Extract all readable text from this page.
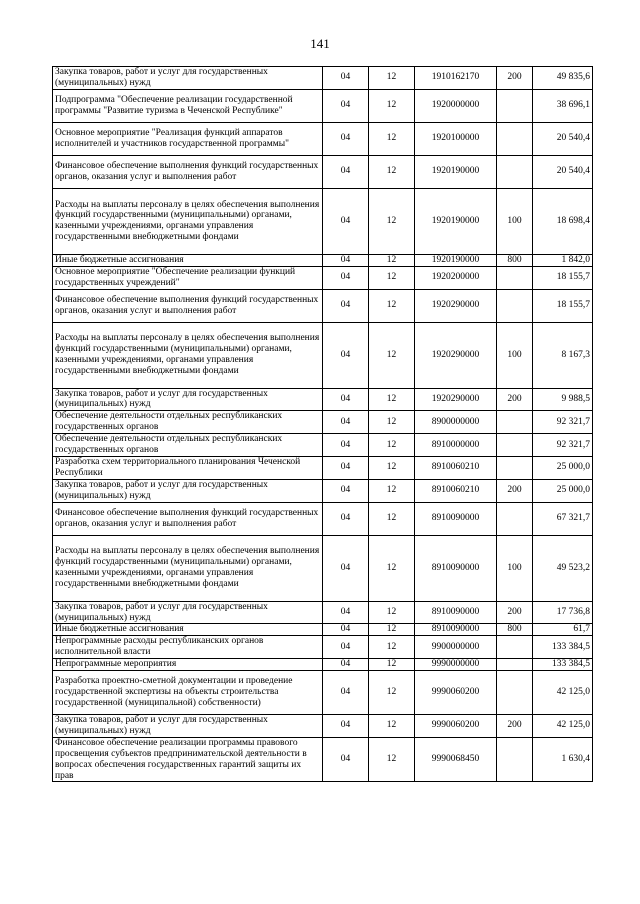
141
Закупка товаров, работ и услуг для государственных (муниципальных) нужд	04	12	1910162170	200	49 835,6
Подпрограмма "Обеспечение реализации государственной программы "Развитие туризма в Чеченской Республике"	04	12	1920000000		38 696,1
Основное мероприятие "Реализация функций аппаратов исполнителей и участников государственной программы"	04	12	1920100000		20 540,4
Финансовое обеспечение выполнения функций государственных органов, оказания услуг и выполнения работ	04	12	1920190000		20 540,4
Расходы на выплаты персоналу в целях обеспечения выполнения функций государственными (муниципальными) органами, казенными учреждениями, органами управления государственными внебюджетными фондами	04	12	1920190000	100	18 698,4
Иные бюджетные ассигнования	04	12	1920190000	800	1 842,0
Основное мероприятие "Обеспечение реализации функций государственных учреждений"	04	12	1920200000		18 155,7
Финансовое обеспечение выполнения функций государственных органов, оказания услуг и выполнения работ	04	12	1920290000		18 155,7
Расходы на выплаты персоналу в целях обеспечения выполнения функций государственными (муниципальными) органами, казенными учреждениями, органами управления государственными внебюджетными фондами	04	12	1920290000	100	8 167,3
Закупка товаров, работ и услуг для государственных (муниципальных) нужд	04	12	1920290000	200	9 988,5
Обеспечение деятельности отдельных республиканских государственных органов	04	12	8900000000		92 321,7
Обеспечение деятельности отдельных республиканских государственных органов	04	12	8910000000		92 321,7
Разработка схем территориального планирования Чеченской Республики	04	12	8910060210		25 000,0
Закупка товаров, работ и услуг для государственных (муниципальных) нужд	04	12	8910060210	200	25 000,0
Финансовое обеспечение выполнения функций государственных органов, оказания услуг и выполнения работ	04	12	8910090000		67 321,7
Расходы на выплаты персоналу в целях обеспечения выполнения функций государственными (муниципальными) органами, казенными учреждениями, органами управления государственными внебюджетными фондами	04	12	8910090000	100	49 523,2
Закупка товаров, работ и услуг для государственных (муниципальных) нужд	04	12	8910090000	200	17 736,8
Иные бюджетные ассигнования	04	12	8910090000	800	61,7
Непрограммные расходы республиканских органов исполнительной власти	04	12	9900000000		133 384,5
Непрограммные мероприятия	04	12	9990000000		133 384,5
Разработка проектно-сметной документации и проведение государственной экспертизы на объекты строительства государственной (муниципальной) собственности)	04	12	9990060200		42 125,0
Закупка товаров, работ и услуг для государственных (муниципальных) нужд	04	12	9990060200	200	42 125,0
Финансовое обеспечение реализации программы правового просвещения субъектов предпринимательской деятельности в вопросах обеспечения государственных гарантий защиты их прав	04	12	9990068450		1 630,4
